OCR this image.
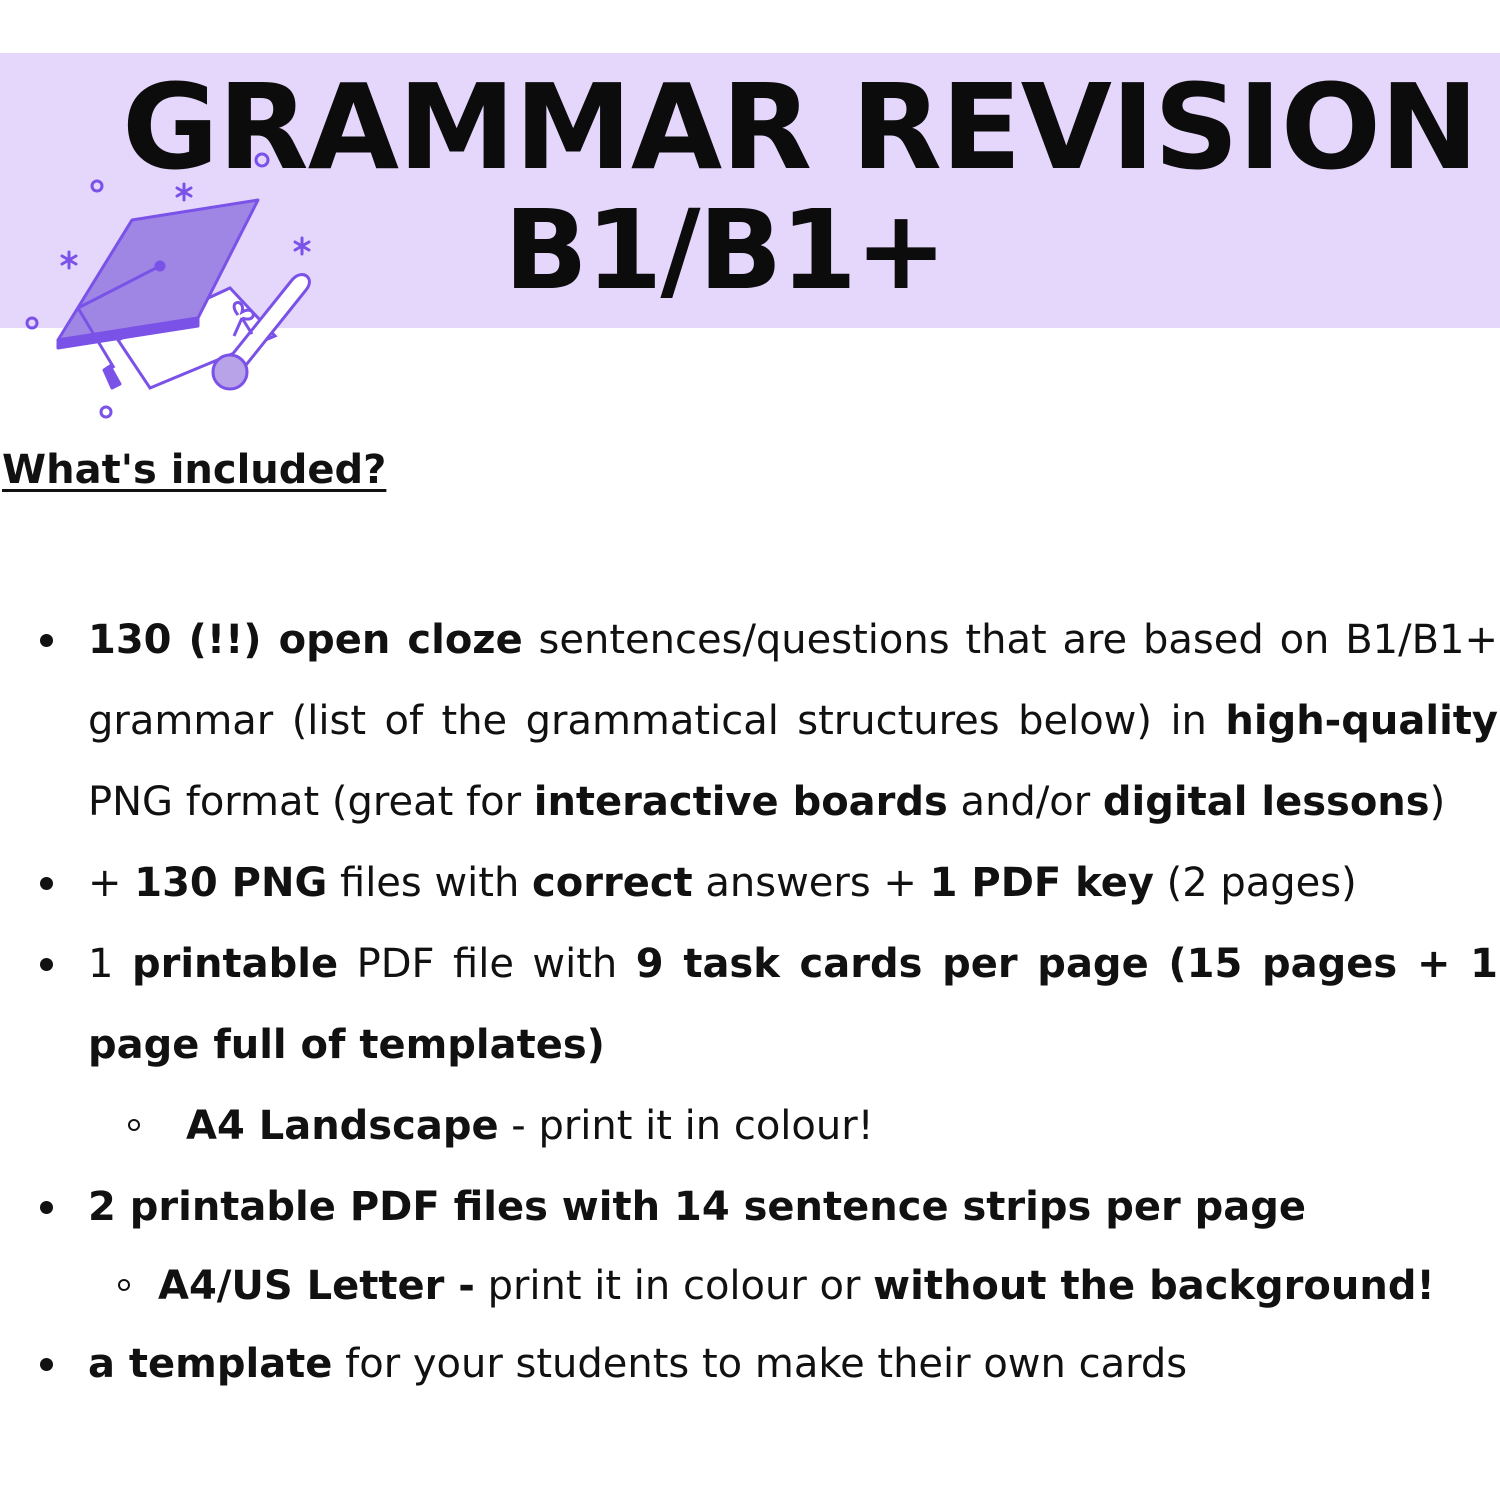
GRAMMAR REVISION
B1/B1+
What's included?
130 (!!) open cloze sentences/questions that are based on B1/B1+ grammar (list of the grammatical structures below) in high-quality PNG format (great for interactive boards and/or digital lessons)
+ 130 PNG files with correct answers + 1 PDF key (2 pages)
1 printable PDF file with 9 task cards per page (15 pages + 1 page full of templates)
A4 Landscape - print it in colour!
2 printable PDF files with 14 sentence strips per page
A4/US Letter - print it in colour or without the background!
a template for your students to make their own cards
